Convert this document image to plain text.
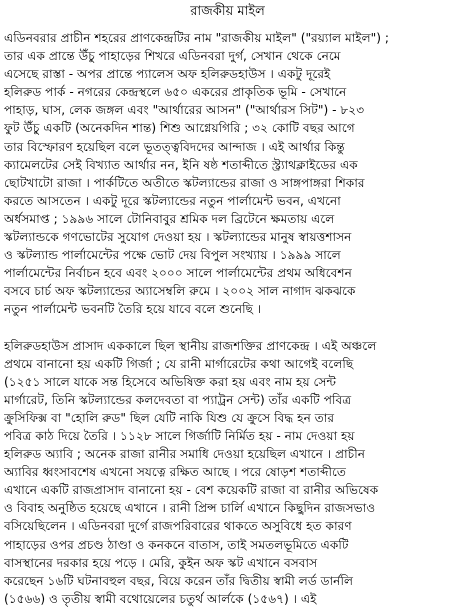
রাজকীয় মাইল
এডিনবরার প্রাচীন শহরের প্রাণকেন্দ্রটির নাম "রাজকীয় মাইল" ("রয়্যাল মাইল") ;
তার এক প্রান্তে উঁচু পাহাড়ের শিখরে এডিনবরা দুর্গ, সেখান থেকে নেমে
এসেছে রাস্তা - অপর প্রান্তে প্যালেস অফ হলিরুডহাউস । একটু দূরেই
হলিরুড পার্ক - নগরের কেন্দ্রস্থলে ৬৫০ একরের প্রাকৃতিক ভূমি - সেখানে
পাহাড়, ঘাস, লেক জঙ্গল এবং "আর্থারের আসন" ("আর্থারস সিট") - ৮২৩
ফুট উঁচু একটি (অনেকদিন শান্ত) শিশু আগ্নেয়গিরি ; ৩২ কোটি বছর আগে
তার বিস্ফোরণ হয়েছিল বলে ভূতত্ত্ববিদদের আন্দাজ । এই আর্থার কিন্তু
ক্যামেলটের সেই বিখ্যাত আর্থার নন, ইনি ষষ্ঠ শতাব্দীতে স্ট্র্যাথক্লাইডের এক
ছোটখাটো রাজা । পার্কটিতে অতীতে স্কটল্যান্ডের রাজা ও সাঙ্গপাঙ্গরা শিকার
করতে আসতেন । একটু দূরে স্কটল্যান্ডের নতুন পার্লামেন্ট ভবন, এখনো
অর্ধসমাপ্ত ; ১৯৯৬ সালে টোনিবাবুর শ্রমিক দল ব্রিটেনে ক্ষমতায় এলে
স্কটল্যান্ডকে গণভোটের সুযোগ দেওয়া হয় । স্কটল্যান্ডের মানুষ স্বায়ত্তশাসন
ও স্কটল্যান্ড পার্লামেন্টের পক্ষে ভোট দেয় বিপুল সংখ্যায় । ১৯৯৯ সালে
পার্লামেন্টের নির্বাচন হবে এবং ২০০০ সালে পার্লামেন্টের প্রথম অধিবেশন
বসবে চার্চ অফ স্কটল্যান্ডের অ্যাসেম্বলি রুমে । ২০০২ সাল নাগাদ ঝকঝকে
নতুন পার্লামেন্ট ভবনটি তৈরি হয়ে যাবে বলে শুনেছি ।
হলিরুডহাউস প্রাসাদ এককালে ছিল স্থানীয় রাজশক্তির প্রাণকেন্দ্র । এই অঞ্চলে
প্রথমে বানানো হয় একটি গির্জা ; যে রানী মার্গারেটের কথা আগেই বলেছি
(১২৫১ সালে যাকে সন্ত হিসেবে অভিষিক্ত করা হয় এবং নাম হয় সেন্ট
মার্গারেট, তিনি স্কটল্যান্ডের কলদেবতা বা প্যাট্রন সেন্ট) তাঁর একটি পবিত্র
ক্রুসিফিক্স বা "হোলি রুড" ছিল যেটি নাকি যিশু যে ক্রুসে বিদ্ধ হন তার
পবিত্র কাঠ দিয়ে তৈরি । ১১২৮ সালে গির্জাটি নির্মিত হয় - নাম দেওয়া হয়
হলিরুড অ্যাবি ; অনেক রাজা রানীর সমাধি দেওয়া হয়েছিল এখানে । প্রাচীন
অ্যাবির ধ্বংসাবশেষ এখনো সযত্নে রক্ষিত আছে । পরে ষোড়শ শতাব্দীতে
এখানে একটি রাজপ্রাসাদ বানানো হয় - বেশ কয়েকটি রাজা বা রানীর অভিষেক
ও বিবাহ অনুষ্ঠিত হয়েছে এখানে । রানী প্রিন্স চার্লি এখানে কিছুদিন রাজসভাও
বসিয়েছিলেন । এডিনবরা দুর্গে রাজপরিবারের থাকতে অসুবিধে হত কারণ
পাহাড়ের ওপর প্রচণ্ড ঠাণ্ডা ও কনকনে বাতাস, তাই সমতলভূমিতে একটি
বাসস্থানের দরকার হয়ে পড়ে । মেরি, কুইন অফ স্কট এখানে বসবাস
করেছেন ১৬টি ঘটনাবহুল বছর, বিয়ে করেন তাঁর দ্বিতীয় স্বামী লর্ড ডার্নলি
(১৫৬৬) ও তৃতীয় স্বামী বথোয়েলের চতুর্থ আর্লকে (১৫৬৭) । এই
